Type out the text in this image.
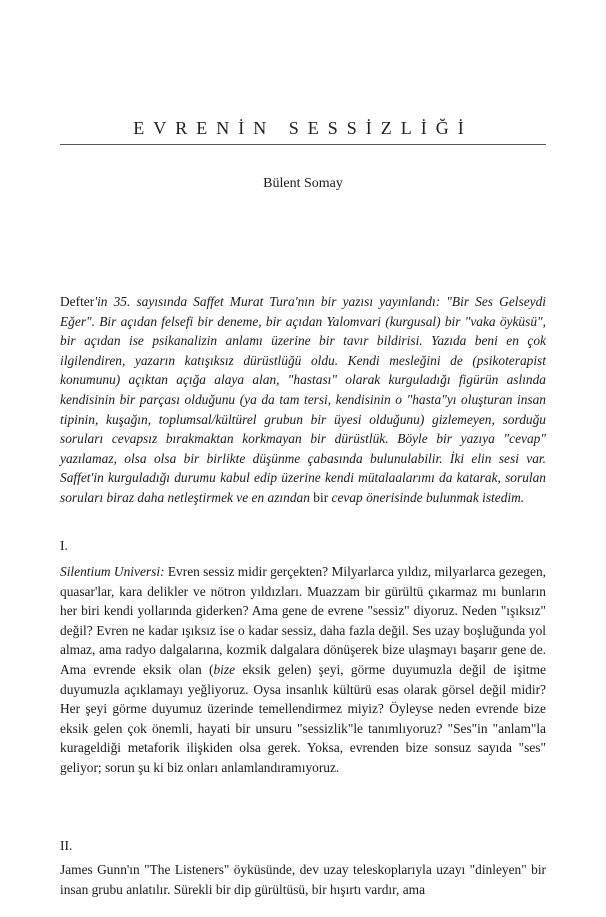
EVRENİN SESSİZLİĞİ
Bülent Somay

Defter'in 35. sayısında Saffet Murat Tura'nın bir yazısı yayınlandı: "Bir Ses Gelseydi Eğer". Bir açıdan felsefi bir deneme, bir açıdan Yalomvari (kurgusal) bir "vaka öyküsü", bir açıdan ise psikanalizin anlamı üzerine bir tavır bildirisi. Yazıda beni en çok ilgilendiren, yazarın katışıksız dürüstlüğü oldu. Kendi mesleğini de (psikoterapist konumunu) açıktan açığa alaya alan, "hastası" olarak kurguladığı figürün aslında kendisinin bir parçası olduğunu (ya da tam tersi, kendisinin o "hasta"yı oluşturan insan tipinin, kuşağın, toplumsal/kültürel grubun bir üyesi olduğunu) gizlemeyen, sorduğu soruları cevapsız bırakmaktan korkmayan bir dürüstlük. Böyle bir yazıya "cevap" yazılamaz, olsa olsa bir birlikte düşünme çabasında bulunulabilir. İki elin sesi var. Saffet'in kurguladığı durumu kabul edip üzerine kendi mütalaalarımı da katarak, sorulan soruları biraz daha netleştirmek ve en azından bir cevap önerisinde bulunmak istedim.

I.

Silentium Universi: Evren sessiz midir gerçekten? Milyarlarca yıldız, milyarlarca gezegen, quasar'lar, kara delikler ve nötron yıldızları. Muazzam bir gürültü çıkarmaz mı bunların her biri kendi yollarında giderken? Ama gene de evrene "sessiz" diyoruz. Neden "ışıksız" değil? Evren ne kadar ışıksız ise o kadar sessiz, daha fazla değil. Ses uzay boşluğunda yol almaz, ama radyo dalgalarına, kozmik dalgalara dönüşerek bize ulaşmayı başarır gene de. Ama evrende eksik olan (bize eksik gelen) şeyi, görme duyumuzla değil de işitme duyumuzla açıklamayı yeğliyoruz. Oysa insanlık kültürü esas olarak görsel değil midir? Her şeyi görme duyumuz üzerinde temellendirmez miyiz? Öyleyse neden evrende bize eksik gelen çok önemli, hayati bir unsuru "sessizlik"le tanımlıyoruz? "Ses"in "anlam"la kurageldiği metaforik ilişkiden olsa gerek. Yoksa, evrenden bize sonsuz sayıda "ses" geliyor; sorun şu ki biz onları anlamlandıramıyoruz.

II.

James Gunn'ın "The Listeners" öyküsünde, dev uzay teleskoplarıyla uzayı "dinleyen" bir insan grubu anlatılır. Sürekli bir dip gürültüsü, bir hışırtı vardır, ama
